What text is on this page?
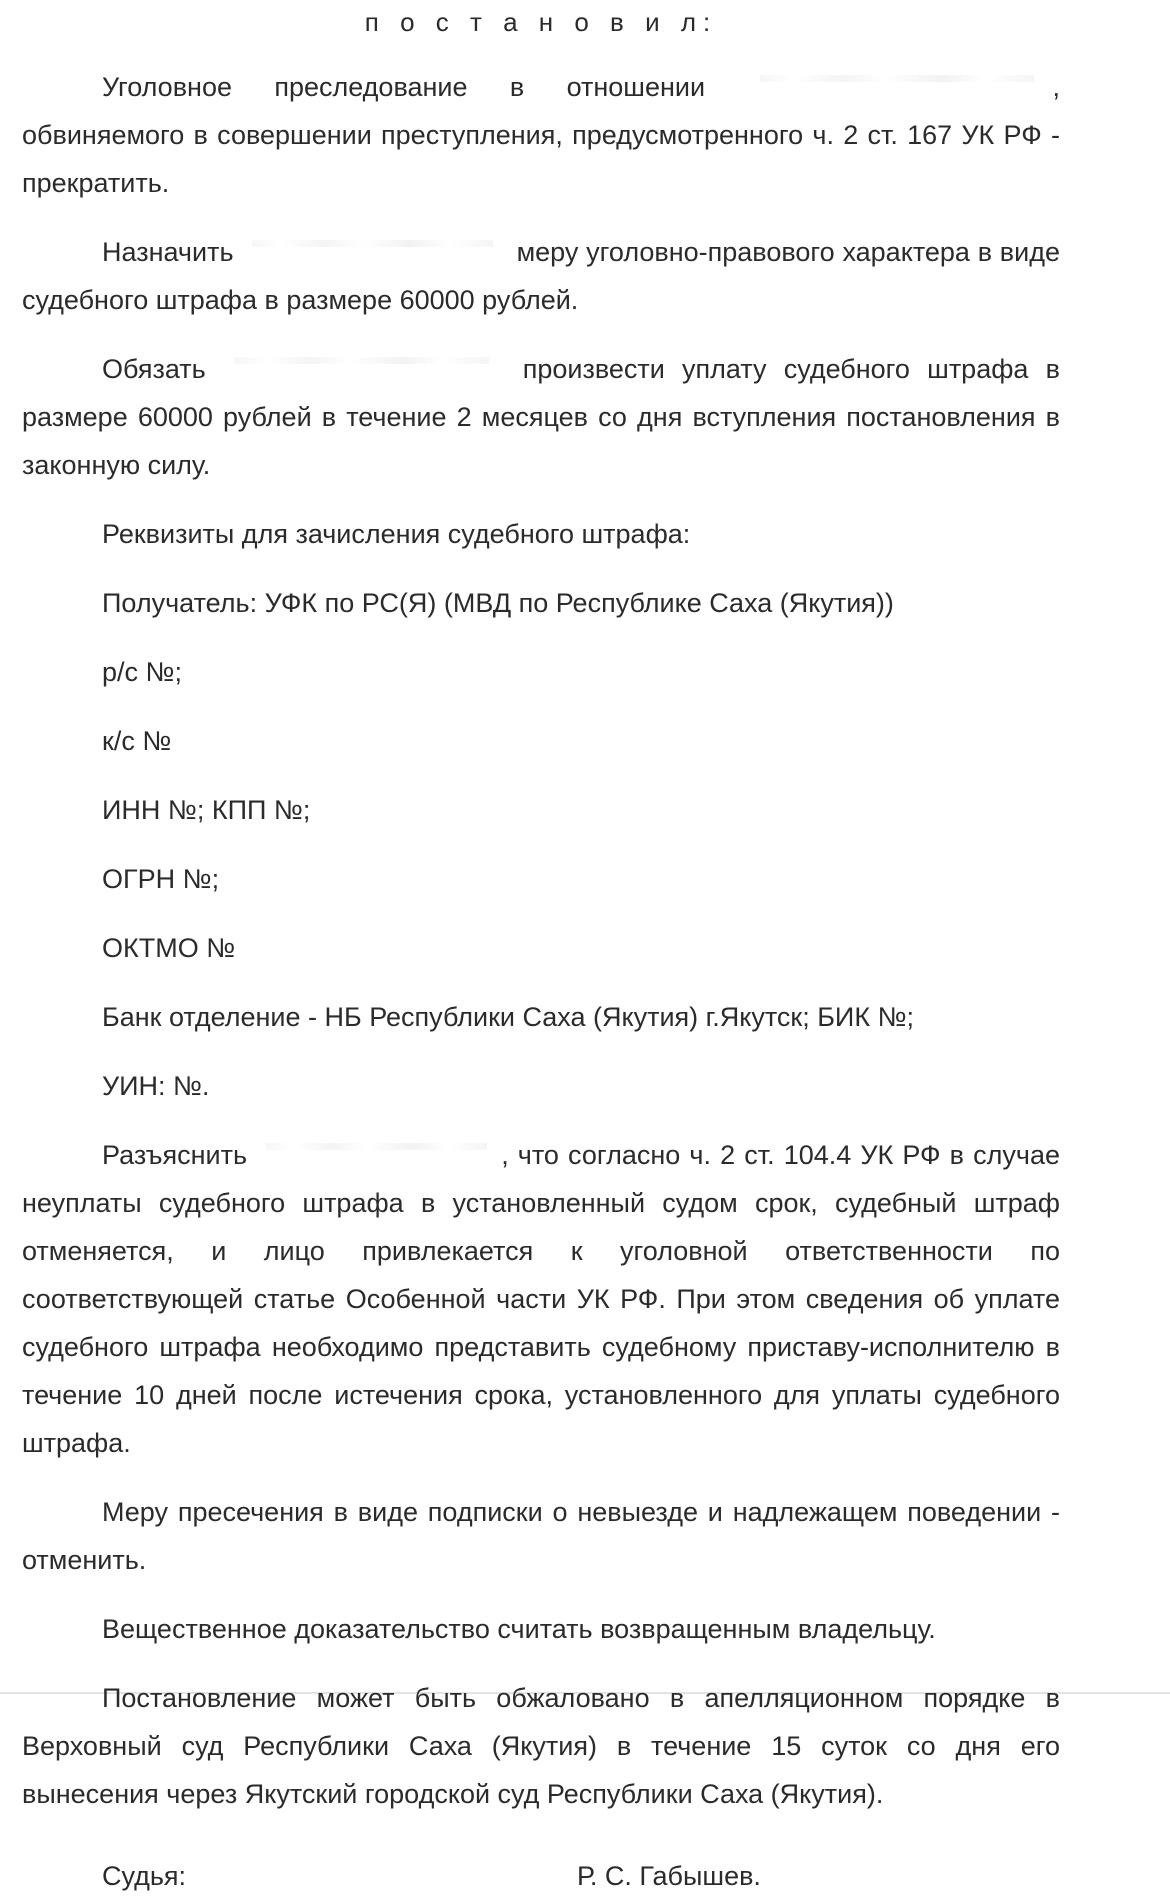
п о с т а н о в и л:

Уголовное преследование в отношении	, обвиняемого в совершении преступления, предусмотренного ч. 2 ст. 167 УК РФ - прекратить.

Назначить	меру уголовно-правового характера в виде судебного штрафа в размере 60000 рублей.

Обязать	произвести уплату судебного штрафа в размере 60000 рублей в течение 2 месяцев со дня вступления постановления в законную силу.

Реквизиты для зачисления судебного штрафа:

Получатель: УФК по РС(Я) (МВД по Республике Саха (Якутия))

р/с №;

к/с №

ИНН №; КПП №;

ОГРН №;

ОКТМО №

Банк отделение - НБ Республики Саха (Якутия) г.Якутск; БИК №;

УИН: №.

Разъяснить	, что согласно ч. 2 ст. 104.4 УК РФ в случае неуплаты судебного штрафа в установленный судом срок, судебный штраф отменяется, и лицо привлекается к уголовной ответственности по соответствующей статье Особенной части УК РФ. При этом сведения об уплате судебного штрафа необходимо представить судебному приставу-исполнителю в течение 10 дней после истечения срока, установленного для уплаты судебного штрафа.

Меру пресечения в виде подписки о невыезде и надлежащем поведении - отменить.

Вещественное доказательство считать возвращенным владельцу.

Постановление может быть обжаловано в апелляционном порядке в Верховный суд Республики Саха (Якутия) в течение 15 суток со дня его вынесения через Якутский городской суд Республики Саха (Якутия).

Судья:	Р. С. Габышев.
